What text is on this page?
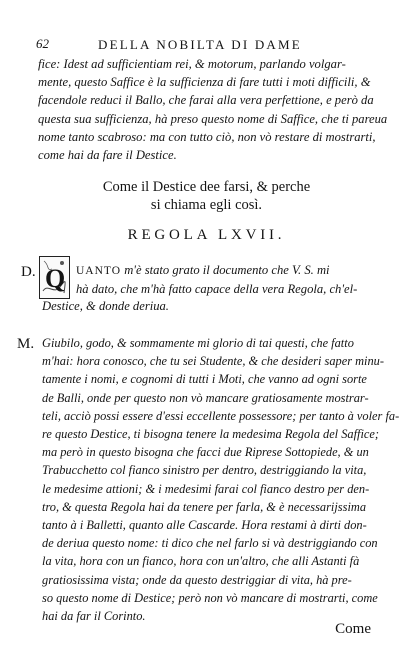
62	DELLA NOBILTA DI DAME
fice: Idest ad sufficientiam rei, & motorum, parlando volgar-
mente, questo Saffice è la sufficienza di fare tutti i moti difficili, &
facendole reduci il Ballo, che farai alla vera perfettione, e però da
questa sua sufficienza, hà preso questo nome di Saffice, che ti pareua
nome tanto scabroso: ma con tutto ciò, non vò restare di mostrarti,
come hai da fare il Destice.
Come il Destice dee farsi, & perche
si chiama egli così.
REGOLA LXVII.
D. Q UANTO m'è stato grato il documento che V. S. mi
hà dato, che m'hà fatto capace della vera Regola, ch'el-
Destice, & donde deriua.
M. Giubilo, godo, & sommamente mi glorio di tai questi, che fatto
m'hai: hora conosco, che tu sei Studente, & che desideri saper minu-
tamente i nomi, e cognomi di tutti i Moti, che vanno ad ogni sorte
de Balli, onde per questo non vò mancare gratiosamente mostrar-
teli, acciò possi essere d'essi eccellente possessore; per tanto à voler fa-
re questo Destice, ti bisogna tenere la medesima Regola del Saffice;
ma però in questo bisogna che facci due Riprese Sottopiede, & un
Trabucchetto col fianco sinistro per dentro, destriggiando la vita,
le medesime attioni; & i medesimi farai col fianco destro per den-
tro, & questa Regola hai da tenere per farla, & è necessarijssima
tanto à i Balletti, quanto alle Cascarde. Hora restami à dirti don-
de deriua questo nome: ti dico che nel farlo si và destriggiando con
la vita, hora con un fianco, hora con un'altro, che alli Astanti fà
gratiosissima vista; onde da questo destriggiar di vita, hà pre-
so questo nome di Destice; però non vò mancare di mostrarti, come
hai da far il Corinto.
Come
